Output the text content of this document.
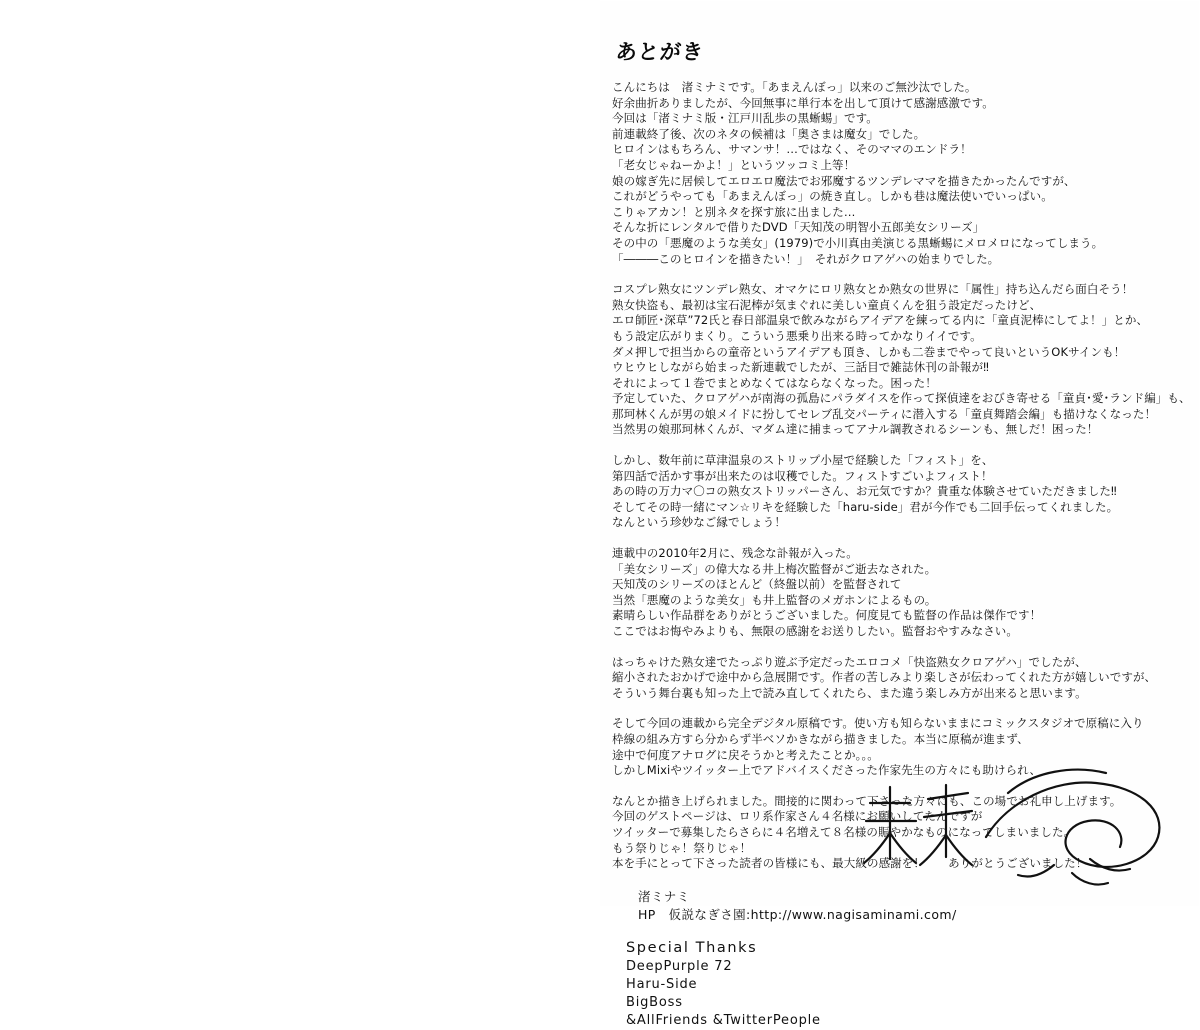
あとがき
こんにちは　渚ミナミです。「あまえんぼっ」以来のご無沙汰でした。
好余曲折ありましたが、今回無事に単行本を出して頂けて感謝感激です。
今回は「渚ミナミ版・江戸川乱歩の黒蜥蜴」です。
前連載終了後、次のネタの候補は「奥さまは魔女」でした。
ヒロインはもちろん、サマンサ！…ではなく、そのママのエンドラ！
「老女じゃねーかよ！」というツッコミ上等！
娘の嫁ぎ先に居候してエロエロ魔法でお邪魔するツンデレママを描きたかったんですが、
これがどうやっても「あまえんぼっ」の焼き直し。しかも巷は魔法使いでいっぱい。
こりゃアカン！と別ネタを探す旅に出ました…
そんな折にレンタルで借りたDVD「天知茂の明智小五郎美女シリーズ」
その中の「悪魔のような美女」(1979)で小川真由美演じる黒蜥蜴にメロメロになってしまう。
「―――このヒロインを描きたい！」　それがクロアゲハの始まりでした。
コスプレ熟女にツンデレ熟女、オマケにロリ熟女とか熟女の世界に「属性」持ち込んだら面白そう！
熟女快盗も、最初は宝石泥棒が気まぐれに美しい童貞くんを狙う設定だったけど、
エロ師匠･深草”72氏と春日部温泉で飲みながらアイデアを練ってる内に「童貞泥棒にしてよ！」とか、
もう設定広がりまくり。こういう悪乗り出来る時ってかなりイイです。
ダメ押しで担当からの童帝というアイデアも頂き、しかも二巻までやって良いというOKサインも！
ウヒウヒしながら始まった新連載でしたが、三話目で雑誌休刊の訃報が‼
それによって１巻でまとめなくてはならなくなった。困った！
予定していた、クロアゲハが南海の孤島にパラダイスを作って探偵達をおびき寄せる「童貞･愛･ランド編」も、
那珂林くんが男の娘メイドに扮してセレブ乱交パーティに潜入する「童貞舞踏会編」も描けなくなった！
当然男の娘那珂林くんが、マダム達に捕まってアナル調教されるシーンも、無しだ！困った！
しかし、数年前に草津温泉のストリップ小屋で経験した「フィスト」を、
第四話で活かす事が出来たのは収穫でした。フィストすごいよフィスト！
あの時の万力マ〇コの熟女ストリッパーさん、お元気ですか？貴重な体験させていただきました‼
そしてその時一緒にマン☆リキを経験した「haru-side」君が今作でも二回手伝ってくれました。
なんという珍妙なご縁でしょう！
連載中の2010年2月に、残念な訃報が入った。
「美女シリーズ」の偉大なる井上梅次監督がご逝去なされた。
天知茂のシリーズのほとんど（終盤以前）を監督されて
当然「悪魔のような美女」も井上監督のメガホンによるもの。
素晴らしい作品群をありがとうございました。何度見ても監督の作品は傑作です！
ここではお悔やみよりも、無限の感謝をお送りしたい。監督おやすみなさい。
はっちゃけた熟女達でたっぷり遊ぶ予定だったエロコメ「快盗熟女クロアゲハ」でしたが、
縮小されたおかげで途中から急展開です。作者の苦しみより楽しさが伝わってくれた方が嬉しいですが、
そういう舞台裏も知った上で読み直してくれたら、また違う楽しみ方が出来ると思います。
そして今回の連載から完全デジタル原稿です。使い方も知らないままにコミックスタジオで原稿に入り
枠線の組み方すら分からず半ベソかきながら描きました。本当に原稿が進まず、
途中で何度アナログに戻そうかと考えたことか。。。
しかしMixiやツイッター上でアドバイスくださった作家先生の方々にも助けられ、
なんとか描き上げられました。間接的に関わって下さった方々にも、この場でお礼申し上げます。
今回のゲストページは、ロリ系作家さん４名様にお願いしてたんですが
ツイッターで募集したらさらに４名増えて８名様の賑やかなものになってしまいました。
もう祭りじゃ！祭りじゃ！
本を手にとって下さった読者の皆様にも、最大級の感謝を！　　ありがとうございました！
渚ミナミ
HP　仮説なぎさ園:http://www.nagisaminami.com/
Special Thanks
DeepPurple 72
Haru-Side
BigBoss
&AllFriends &TwitterPeople
